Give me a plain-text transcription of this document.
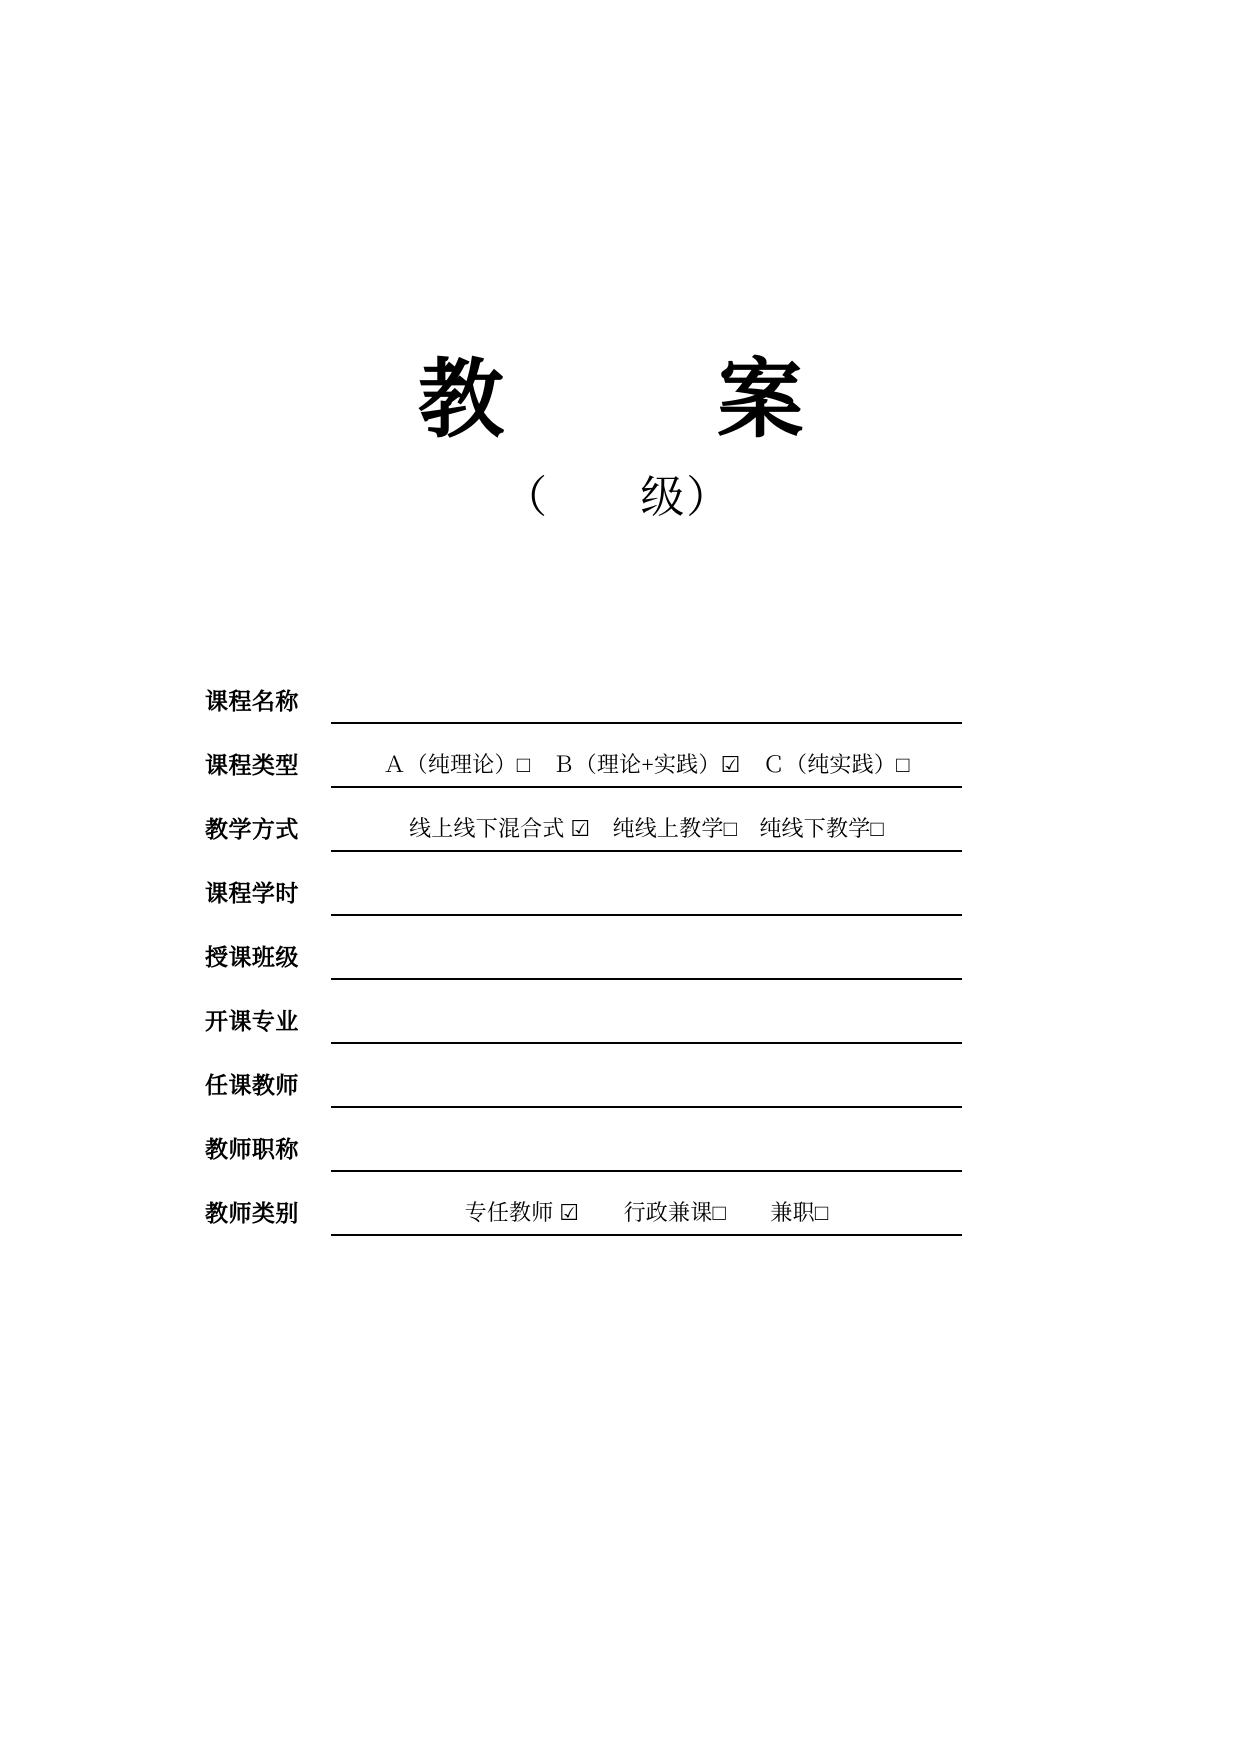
教　　案
（　　级）
课程名称
课程类型	Ａ（纯理论）□　Ｂ（理论+实践）☑　Ｃ（纯实践）□
教学方式	线上线下混合式 ☑　纯线上教学□　纯线下教学□
课程学时
授课班级
开课专业
任课教师
教师职称
教师类别	专任教师 ☑　　行政兼课□　　兼职□
